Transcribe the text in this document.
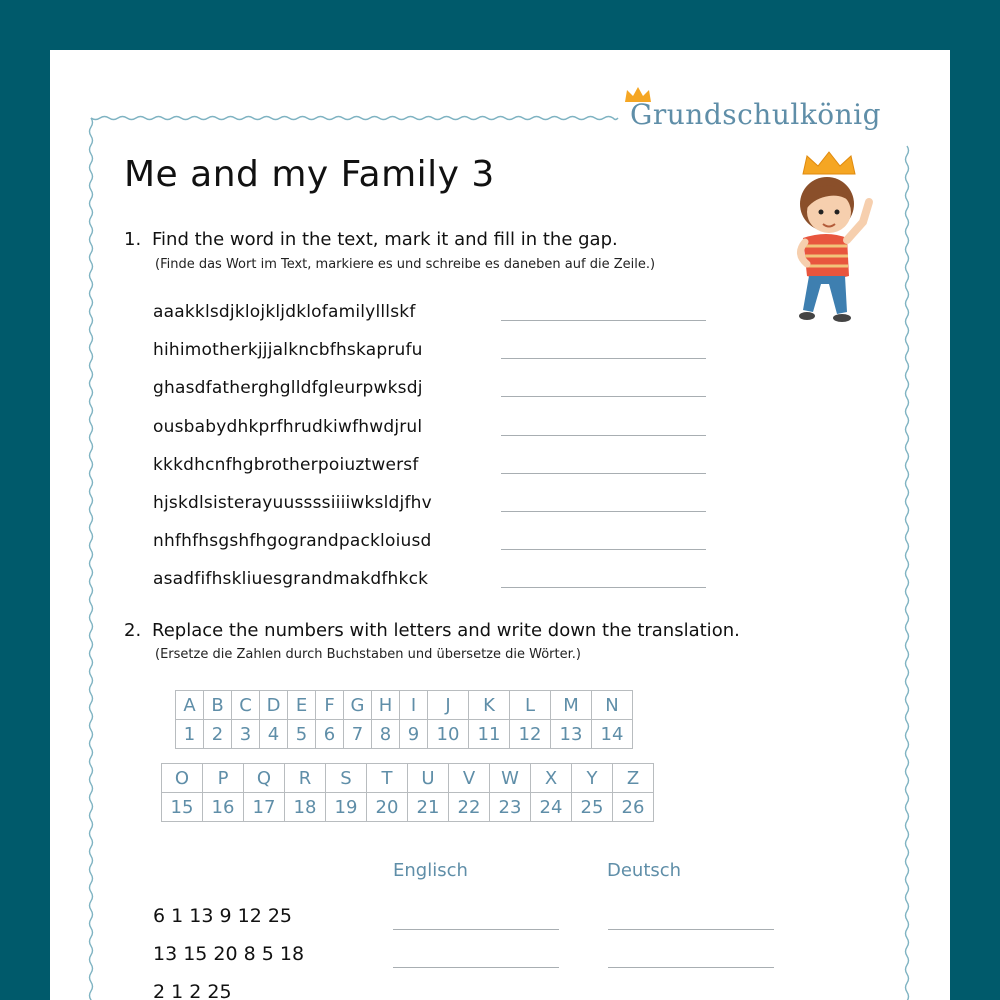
Grundschulkönig
Me and my Family 3
1. Find the word in the text, mark it and fill in the gap.
(Finde das Wort im Text, markiere es und schreibe es daneben auf die Zeile.)
aaakklsdjklojkljdklofamilylllskf
hihimotherkjjjalkncbfhskaprufu
ghasdfatherghglldfgleurpwksdj
ousbabydhkprfhrudkiwfhwdjrul
kkkdhcnfhgbrotherpoiuztwersf
hjskdlsisterayuussssiiiiwksldjfhv
nhfhfhsgshfhgograndpackloiusd
asadfifhskliuesgrandmakdfhkck
2. Replace the numbers with letters and write down the translation.
(Ersetze die Zahlen durch Buchstaben und übersetze die Wörter.)
A	B	C	D	E	F	G	H	I	J	K	L	M	N
1	2	3	4	5	6	7	8	9	10	11	12	13	14
O	P	Q	R	S	T	U	V	W	X	Y	Z
15	16	17	18	19	20	21	22	23	24	25	26
Englisch	Deutsch
6 1 13 9 12 25
13 15 20 8 5 18
2 1 2 25
